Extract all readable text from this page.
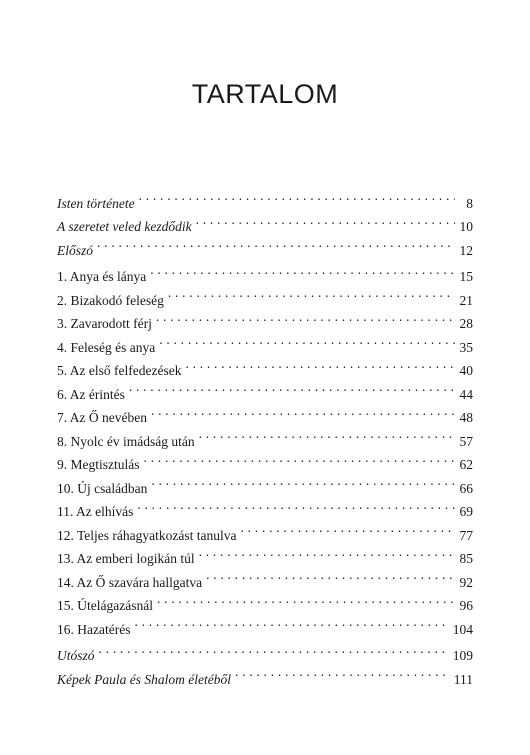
TARTALOM
Isten története . . .	8
A szeretet veled kezdődik . . .	10
Előszó . . .	12
1. Anya és lánya . . .	15
2. Bizakodó feleség . . .	21
3. Zavarodott férj . . .	28
4. Feleség és anya . . .	35
5. Az első felfedezések . . .	40
6. Az érintés . . .	44
7. Az Ő nevében . . .	48
8. Nyolc év imádság után . . .	57
9. Megtisztulás . . .	62
10. Új családban . . .	66
11. Az elhívás . . .	69
12. Teljes ráhagyatkozást tanulva . . .	77
13. Az emberi logikán túl . . .	85
14. Az Ő szavára hallgatva . . .	92
15. Útelágazásnál . . .	96
16. Hazatérés . . .	104
Utószó . . .	109
Képek Paula és Shalom életéből . . .	111
